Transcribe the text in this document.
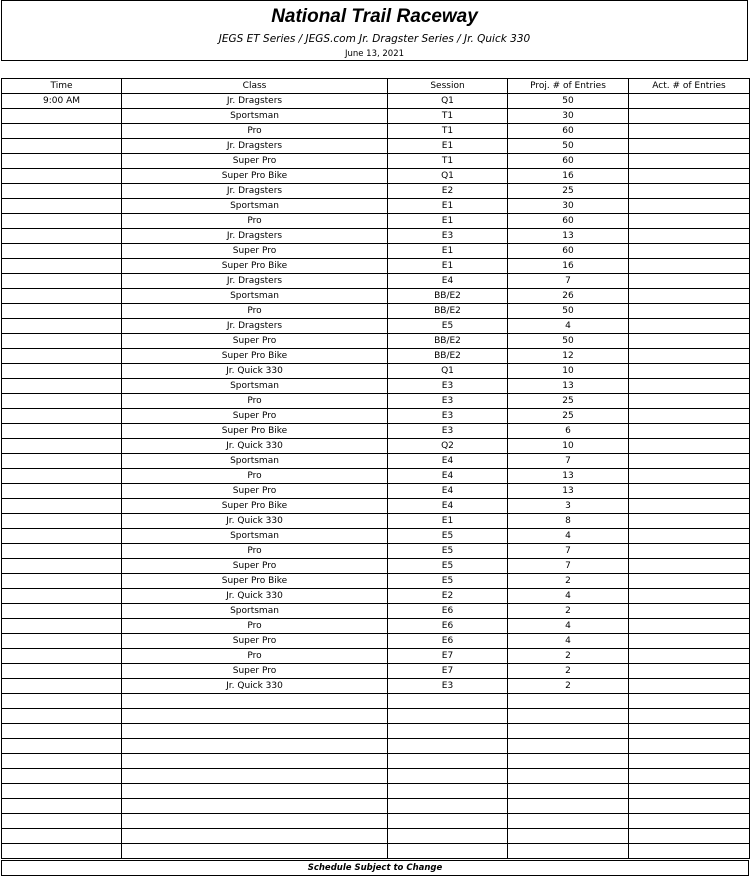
National Trail Raceway
JEGS ET Series / JEGS.com Jr. Dragster Series / Jr. Quick 330
June 13, 2021
Time	Class	Session	Proj. # of Entries	Act. # of Entries
9:00 AM	Jr. Dragsters	Q1	50	
	Sportsman	T1	30	
	Pro	T1	60	
	Jr. Dragsters	E1	50	
	Super Pro	T1	60	
	Super Pro Bike	Q1	16	
	Jr. Dragsters	E2	25	
	Sportsman	E1	30	
	Pro	E1	60	
	Jr. Dragsters	E3	13	
	Super Pro	E1	60	
	Super Pro Bike	E1	16	
	Jr. Dragsters	E4	7	
	Sportsman	BB/E2	26	
	Pro	BB/E2	50	
	Jr. Dragsters	E5	4	
	Super Pro	BB/E2	50	
	Super Pro Bike	BB/E2	12	
	Jr. Quick 330	Q1	10	
	Sportsman	E3	13	
	Pro	E3	25	
	Super Pro	E3	25	
	Super Pro Bike	E3	6	
	Jr. Quick 330	Q2	10	
	Sportsman	E4	7	
	Pro	E4	13	
	Super Pro	E4	13	
	Super Pro Bike	E4	3	
	Jr. Quick 330	E1	8	
	Sportsman	E5	4	
	Pro	E5	7	
	Super Pro	E5	7	
	Super Pro Bike	E5	2	
	Jr. Quick 330	E2	4	
	Sportsman	E6	2	
	Pro	E6	4	
	Super Pro	E6	4	
	Pro	E7	2	
	Super Pro	E7	2	
	Jr. Quick 330	E3	2	

Schedule Subject to Change
